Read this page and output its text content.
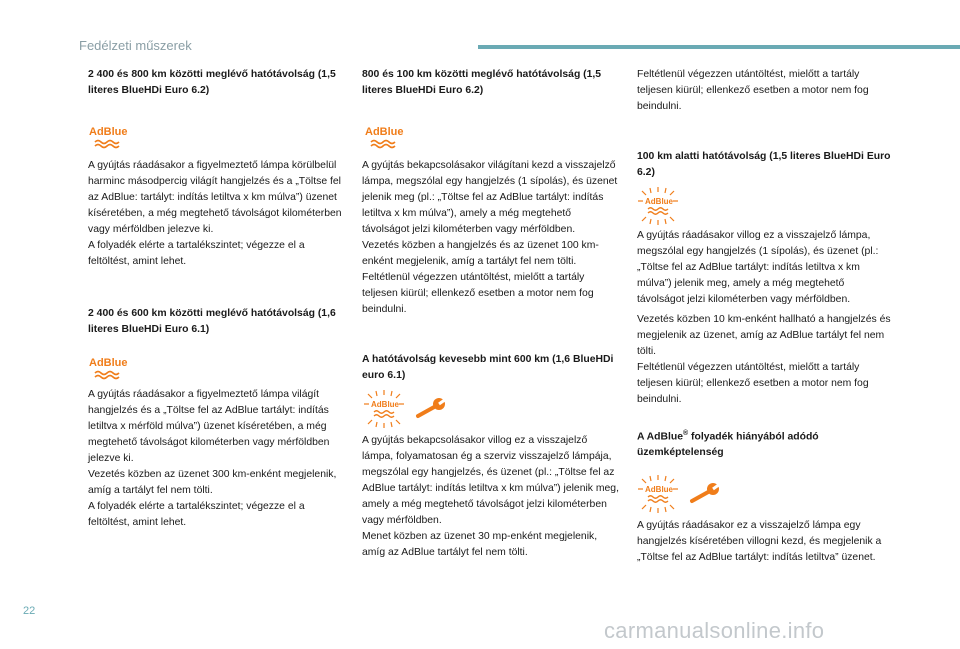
Fedélzeti műszerek

2 400 és 800 km közötti meglévő hatótávolság (1,5 literes BlueHDi Euro 6.2)

AdBlue

A gyújtás ráadásakor a figyelmeztető lámpa körülbelül harminc másodpercig világít hangjelzés és a „Töltse fel az AdBlue: tartályt: indítás letiltva x km múlva”) üzenet kíséretében, a még megtehető távolságot kilométerben vagy mérföldben jelezve ki.

A folyadék elérte a tartalékszintet; végezze el a feltöltést, amint lehet.

2 400 és 600 km közötti meglévő hatótávolság (1,6 literes BlueHDi Euro 6.1)

AdBlue

A gyújtás ráadásakor a figyelmeztető lámpa világít hangjelzés és a „Töltse fel az AdBlue tartályt: indítás letiltva x mérföld múlva”) üzenet kíséretében, a még megtehető távolságot kilométerben vagy mérföldben jelezve ki.

Vezetés közben az üzenet 300 km-enként megjelenik, amíg a tartályt fel nem tölti.

A folyadék elérte a tartalékszintet; végezze el a feltöltést, amint lehet.

800 és 100 km közötti meglévő hatótávolság (1,5 literes BlueHDi Euro 6.2)

AdBlue

A gyújtás bekapcsolásakor világítani kezd a visszajelző lámpa, megszólal egy hangjelzés (1 sípolás), és üzenet jelenik meg (pl.: „Töltse fel az AdBlue tartályt: indítás letiltva x km múlva”), amely a még megtehető távolságot jelzi kilométerben vagy mérföldben.

Vezetés közben a hangjelzés és az üzenet 100 km-enként megjelenik, amíg a tartályt fel nem tölti.

Feltétlenül végezzen utántöltést, mielőtt a tartály teljesen kiürül; ellenkező esetben a motor nem fog beindulni.

A hatótávolság kevesebb mint 600 km (1,6 BlueHDi euro 6.1)

AdBlue

A gyújtás bekapcsolásakor villog ez a visszajelző lámpa, folyamatosan ég a szerviz visszajelző lámpája, megszólal egy hangjelzés, és üzenet (pl.: „Töltse fel az AdBlue tartályt: indítás letiltva x km múlva”) jelenik meg, amely a még megtehető távolságot jelzi kilométerben vagy mérföldben.

Menet közben az üzenet 30 mp-enként megjelenik, amíg az AdBlue tartályt fel nem tölti.

Feltétlenül végezzen utántöltést, mielőtt a tartály teljesen kiürül; ellenkező esetben a motor nem fog beindulni.

100 km alatti hatótávolság (1,5 literes BlueHDi Euro 6.2)

AdBlue

A gyújtás ráadásakor villog ez a visszajelző lámpa, megszólal egy hangjelzés (1 sípolás), és üzenet (pl.: „Töltse fel az AdBlue tartályt: indítás letiltva x km múlva”) jelenik meg, amely a még megtehető távolságot jelzi kilométerben vagy mérföldben.

Vezetés közben 10 km-enként hallható a hangjelzés és megjelenik az üzenet, amíg az AdBlue tartályt fel nem tölti.

Feltétlenül végezzen utántöltést, mielőtt a tartály teljesen kiürül; ellenkező esetben a motor nem fog beindulni.

A AdBlue® folyadék hiányából adódó üzemképtelenség

AdBlue

A gyújtás ráadásakor ez a visszajelző lámpa egy hangjelzés kíséretében villogni kezd, és megjelenik a „Töltse fel az AdBlue tartályt: indítás letiltva” üzenet.

22
carmanualsonline.info
